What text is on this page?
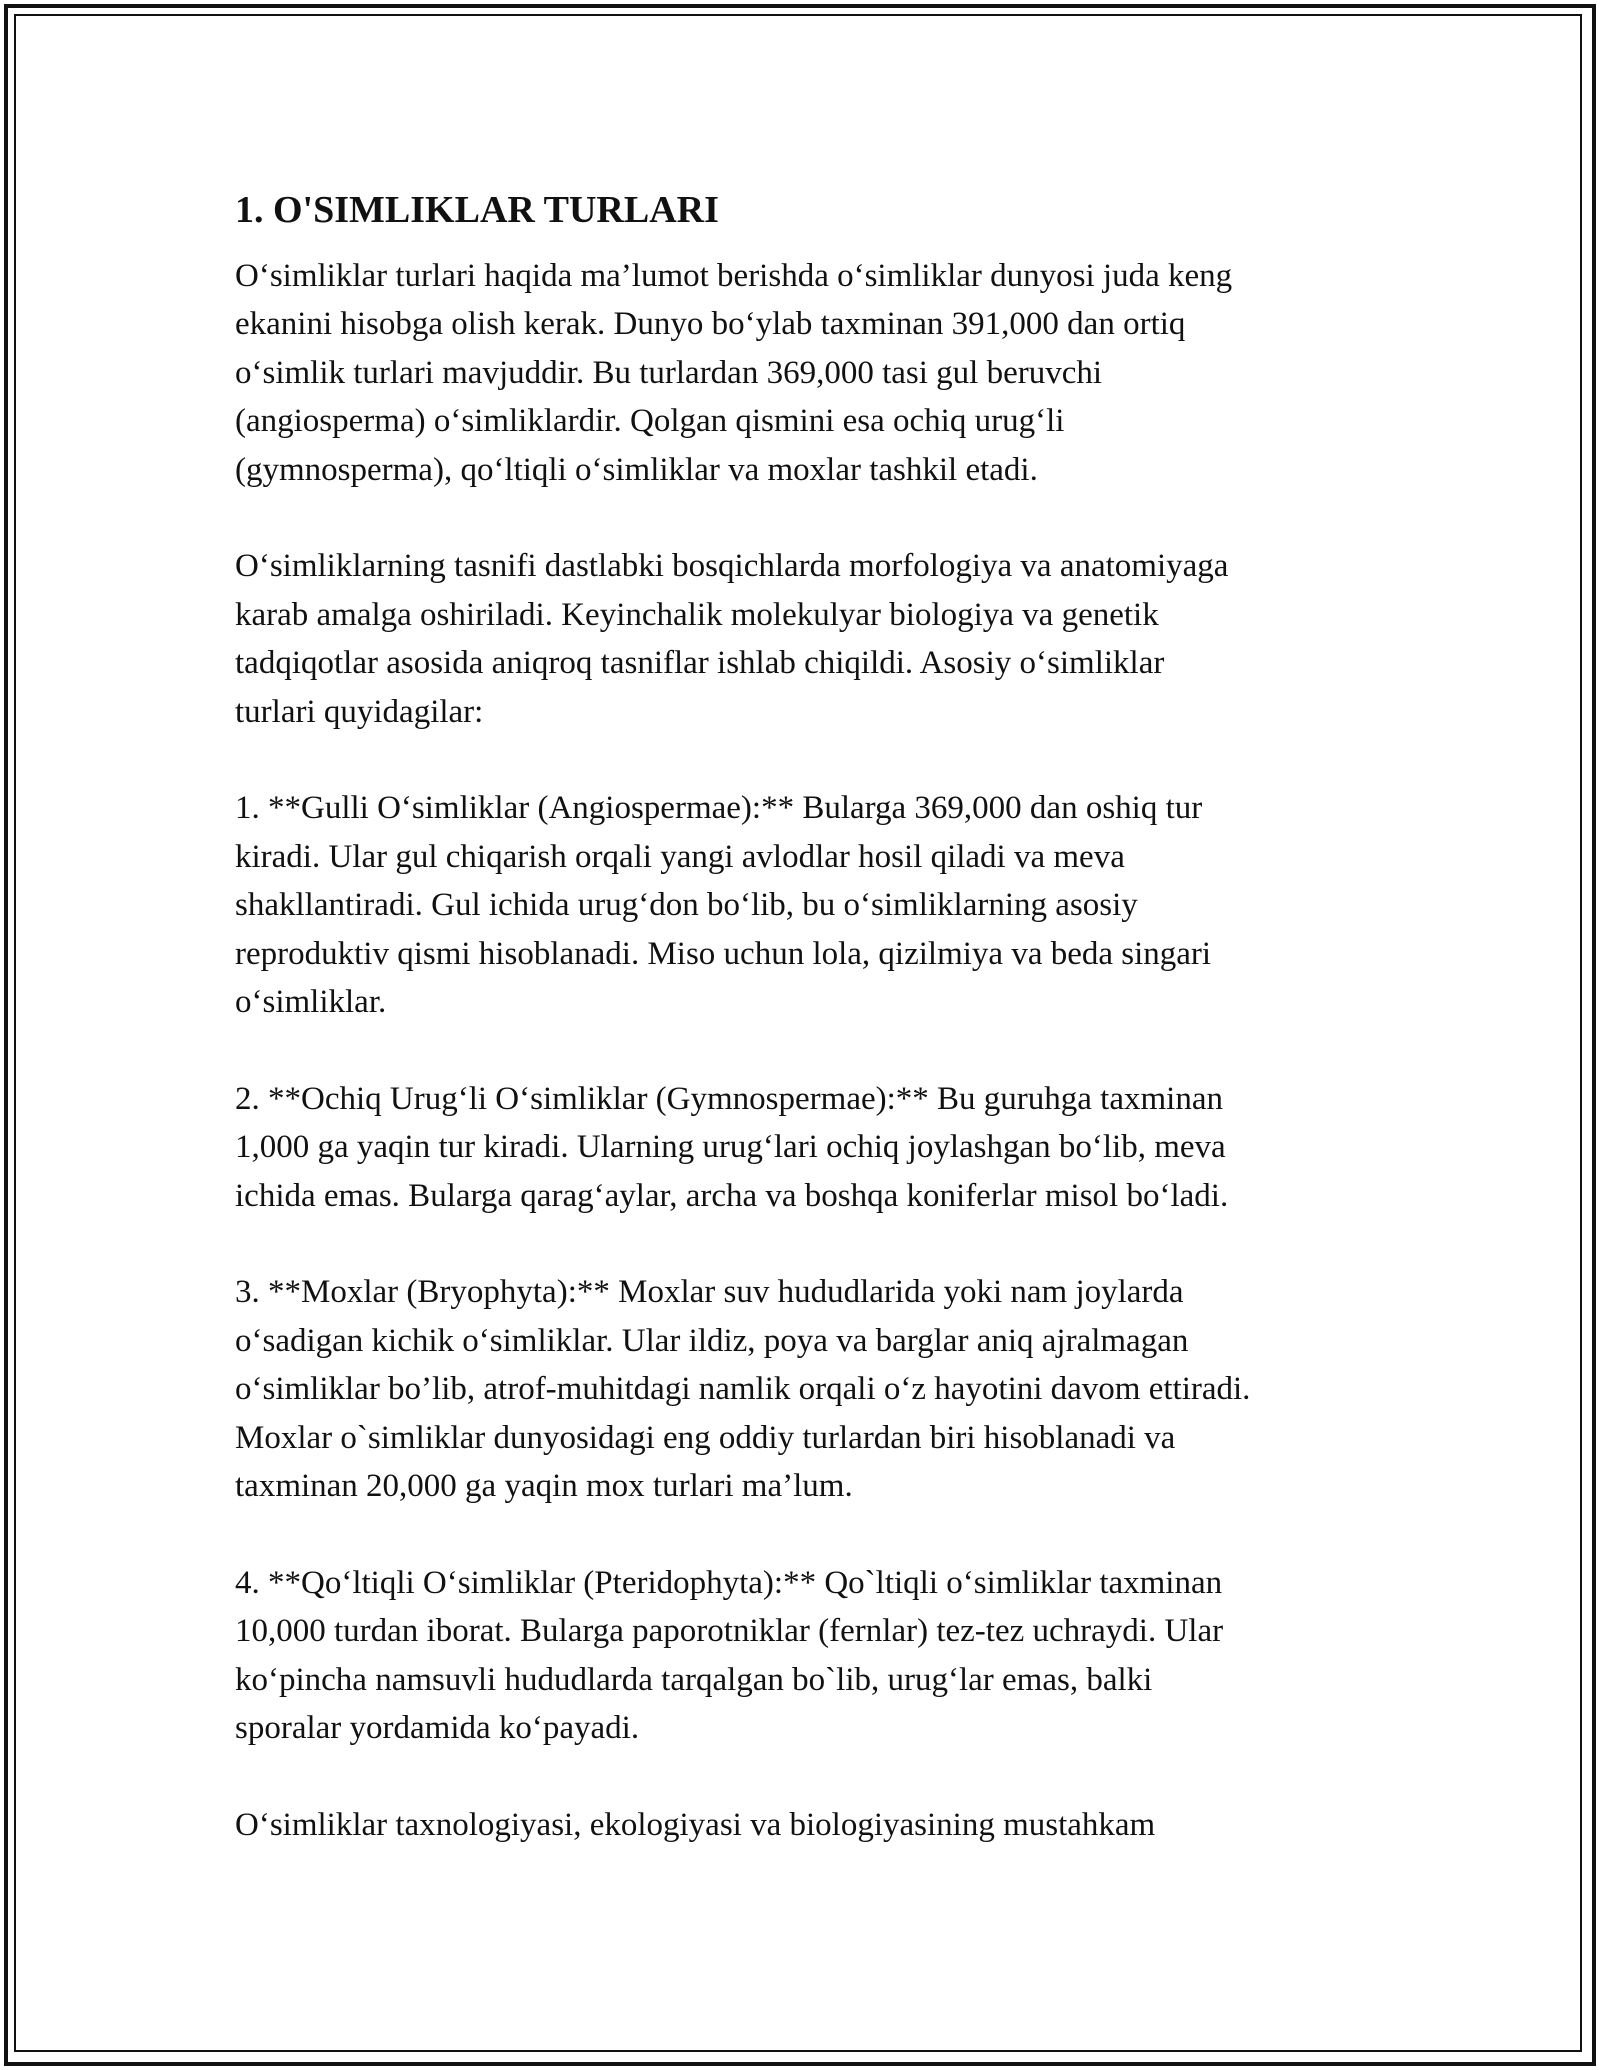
1. O'SIMLIKLAR TURLARI
O‘simliklar turlari haqida ma’lumot berishda o‘simliklar dunyosi juda keng
ekanini hisobga olish kerak. Dunyo bo‘ylab taxminan 391,000 dan ortiq
o‘simlik turlari mavjuddir. Bu turlardan 369,000 tasi gul beruvchi
(angiosperma) o‘simliklardir. Qolgan qismini esa ochiq urug‘li
(gymnosperma), qo‘ltiqli o‘simliklar va moxlar tashkil etadi.
O‘simliklarning tasnifi dastlabki bosqichlarda morfologiya va anatomiyaga
karab amalga oshiriladi. Keyinchalik molekulyar biologiya va genetik
tadqiqotlar asosida aniqroq tasniflar ishlab chiqildi. Asosiy o‘simliklar
turlari quyidagilar:
1. **Gulli O‘simliklar (Angiospermae):** Bularga 369,000 dan oshiq tur
kiradi. Ular gul chiqarish orqali yangi avlodlar hosil qiladi va meva
shakllantiradi. Gul ichida urug‘don bo‘lib, bu o‘simliklarning asosiy
reproduktiv qismi hisoblanadi. Miso uchun lola, qizilmiya va beda singari
o‘simliklar.
2. **Ochiq Urug‘li O‘simliklar (Gymnospermae):** Bu guruhga taxminan
1,000 ga yaqin tur kiradi. Ularning urug‘lari ochiq joylashgan bo‘lib, meva
ichida emas. Bularga qarag‘aylar, archa va boshqa koniferlar misol bo‘ladi.
3. **Moxlar (Bryophyta):** Moxlar suv hududlarida yoki nam joylarda
o‘sadigan kichik o‘simliklar. Ular ildiz, poya va barglar aniq ajralmagan
o‘simliklar bo’lib, atrof-muhitdagi namlik orqali o‘z hayotini davom ettiradi.
Moxlar o`simliklar dunyosidagi eng oddiy turlardan biri hisoblanadi va
taxminan 20,000 ga yaqin mox turlari ma’lum.
4. **Qo‘ltiqli O‘simliklar (Pteridophyta):** Qo`ltiqli o‘simliklar taxminan
10,000 turdan iborat. Bularga paporotniklar (fernlar) tez-tez uchraydi. Ular
ko‘pincha namsuvli hududlarda tarqalgan bo`lib, urug‘lar emas, balki
sporalar yordamida ko‘payadi.
O‘simliklar taxnologiyasi, ekologiyasi va biologiyasining mustahkam
